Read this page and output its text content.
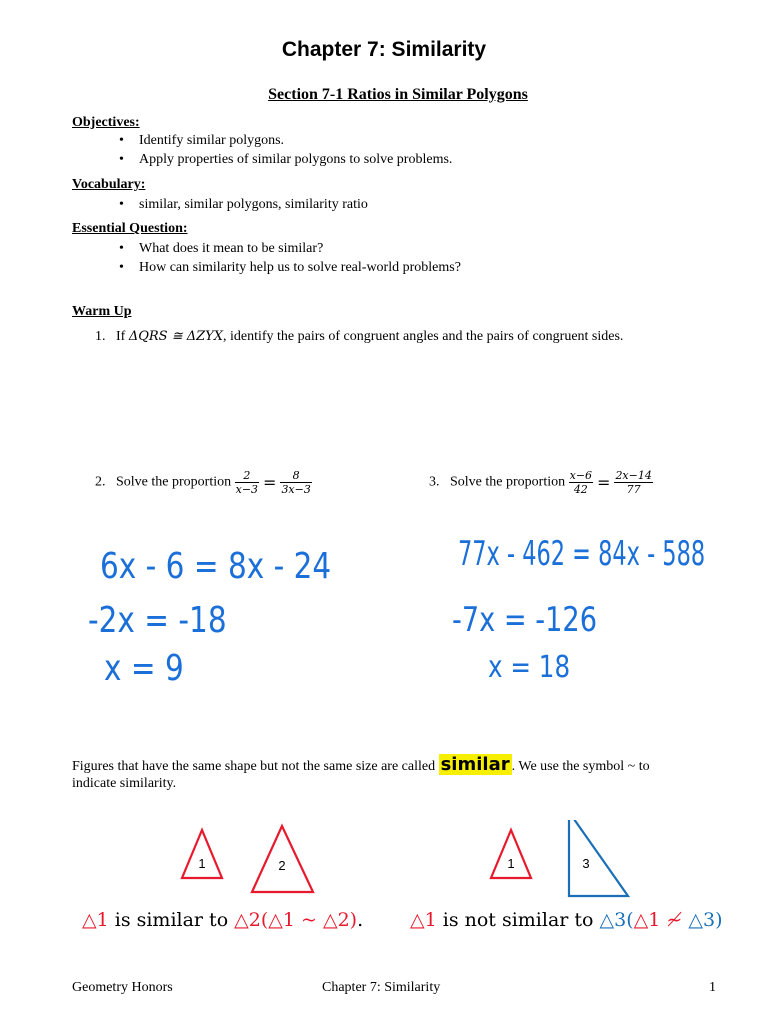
Chapter 7: Similarity
Section 7-1 Ratios in Similar Polygons
Objectives:
• Identify similar polygons.
• Apply properties of similar polygons to solve problems.
Vocabulary:
• similar, similar polygons, similarity ratio
Essential Question:
• What does it mean to be similar?
• How can similarity help us to solve real-world problems?
Warm Up
1. If ΔQRS ≅ ΔZYX, identify the pairs of congruent angles and the pairs of congruent sides.
2. Solve the proportion $\frac{2}{x-3} = \frac{8}{3x-3}$	3. Solve the proportion $\frac{x-6}{42} = \frac{2x-14}{77}$
6x - 6 = 8x - 24
-2x = -18
x = 9
77x - 462 = 84x - 588
-7x = -126
x = 18
Figures that have the same shape but not the same size are called similar . We use the symbol ~ to
indicate similarity.
1	2	1	3
△1 is similar to △2(△1 ~ △2). △1 is not similar to △3(△1 ≁ △3)
Geometry Honors	Chapter 7: Similarity	1
